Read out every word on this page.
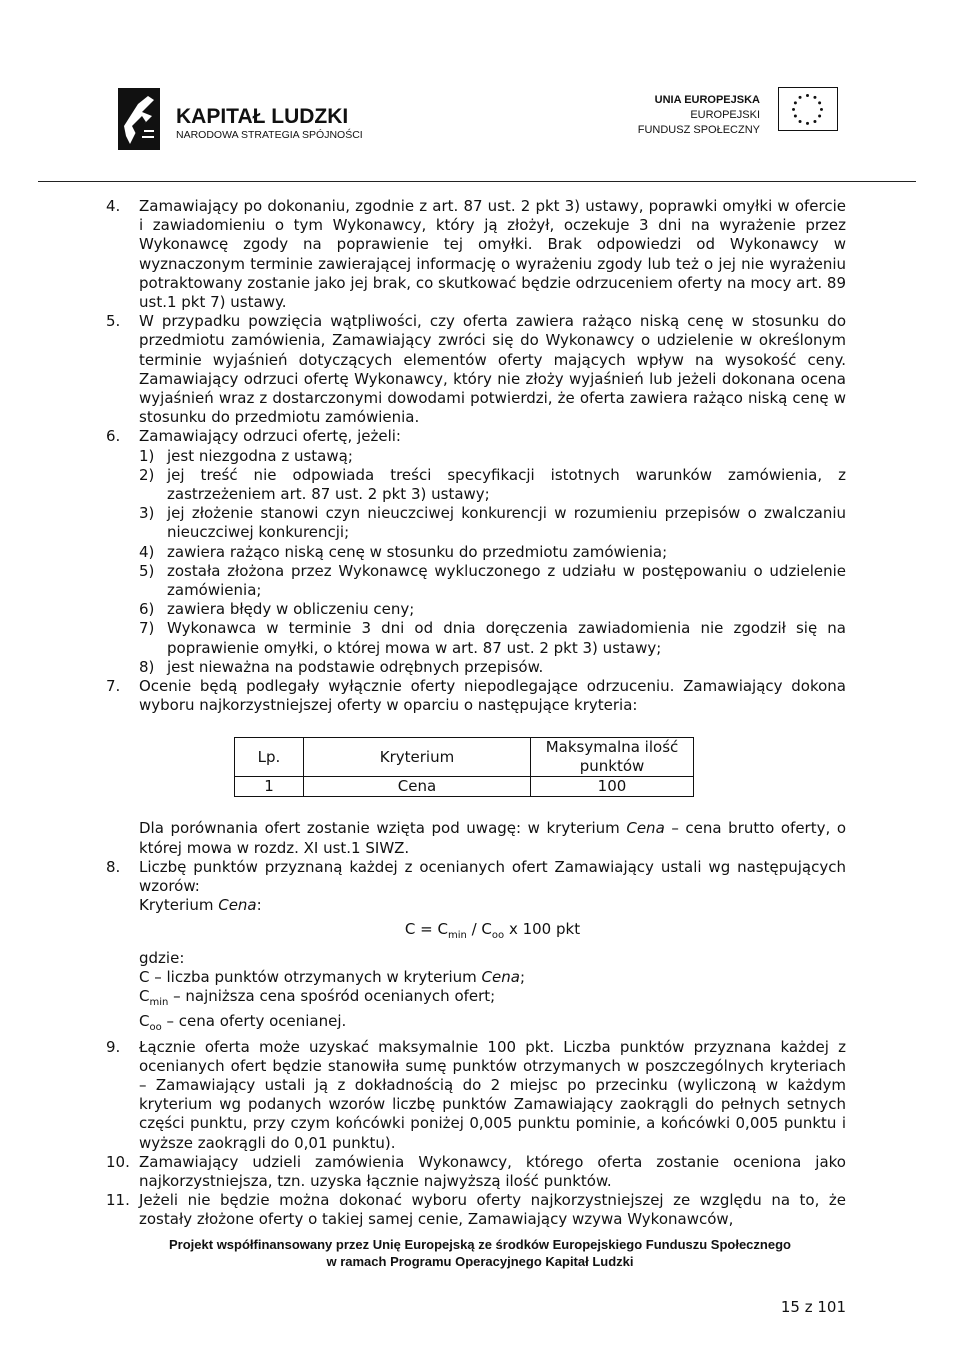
KAPITAŁ LUDZKI
NARODOWA STRATEGIA SPÓJNOŚCI
UNIA EUROPEJSKA
EUROPEJSKI
FUNDUSZ SPOŁECZNY
4. Zamawiający po dokonaniu, zgodnie z art. 87 ust. 2 pkt 3) ustawy, poprawki omyłki w ofercie i zawiadomieniu o tym Wykonawcy, który ją złożył, oczekuje 3 dni na wyrażenie przez Wykonawcę zgody na poprawienie tej omyłki. Brak odpowiedzi od Wykonawcy w wyznaczonym terminie zawierającej informację o wyrażeniu zgody lub też o jej nie wyrażeniu potraktowany zostanie jako jej brak, co skutkować będzie odrzuceniem oferty na mocy art. 89 ust.1 pkt 7) ustawy.
5. W przypadku powzięcia wątpliwości, czy oferta zawiera rażąco niską cenę w stosunku do przedmiotu zamówienia, Zamawiający zwróci się do Wykonawcy o udzielenie w określonym terminie wyjaśnień dotyczących elementów oferty mających wpływ na wysokość ceny. Zamawiający odrzuci ofertę Wykonawcy, który nie złoży wyjaśnień lub jeżeli dokonana ocena wyjaśnień wraz z dostarczonymi dowodami potwierdzi, że oferta zawiera rażąco niską cenę w stosunku do przedmiotu zamówienia.
6. Zamawiający odrzuci ofertę, jeżeli:
1) jest niezgodna z ustawą;
2) jej treść nie odpowiada treści specyfikacji istotnych warunków zamówienia, z zastrzeżeniem art. 87 ust. 2 pkt 3) ustawy;
3) jej złożenie stanowi czyn nieuczciwej konkurencji w rozumieniu przepisów o zwalczaniu nieuczciwej konkurencji;
4) zawiera rażąco niską cenę w stosunku do przedmiotu zamówienia;
5) została złożona przez Wykonawcę wykluczonego z udziału w postępowaniu o udzielenie zamówienia;
6) zawiera błędy w obliczeniu ceny;
7) Wykonawca w terminie 3 dni od dnia doręczenia zawiadomienia nie zgodził się na poprawienie omyłki, o której mowa w art. 87 ust. 2 pkt 3) ustawy;
8) jest nieważna na podstawie odrębnych przepisów.
7. Ocenie będą podlegały wyłącznie oferty niepodlegające odrzuceniu. Zamawiający dokona wyboru najkorzystniejszej oferty w oparciu o następujące kryteria:
Lp.	Kryterium	Maksymalna ilość punktów
1	Cena	100
Dla porównania ofert zostanie wzięta pod uwagę: w kryterium Cena – cena brutto oferty, o której mowa w rozdz. XI ust.1 SIWZ.
8. Liczbę punktów przyznaną każdej z ocenianych ofert Zamawiający ustali wg następujących wzorów:
Kryterium Cena:
$C = C_{min} / C_{oo}$ x 100 pkt
gdzie:
C – liczba punktów otrzymanych w kryterium Cena;
$C_{min}$ – najniższa cena spośród ocenianych ofert;
$C_{oo}$ – cena oferty ocenianej.
9. Łącznie oferta może uzyskać maksymalnie 100 pkt. Liczba punktów przyznana każdej z ocenianych ofert będzie stanowiła sumę punktów otrzymanych w poszczególnych kryteriach – Zamawiający ustali ją z dokładnością do 2 miejsc po przecinku (wyliczoną w każdym kryterium wg podanych wzorów liczbę punktów Zamawiający zaokrągli do pełnych setnych części punktu, przy czym końcówki poniżej 0,005 punktu pominie, a końcówki 0,005 punktu i wyższe zaokrągli do 0,01 punktu).
10. Zamawiający udzieli zamówienia Wykonawcy, którego oferta zostanie oceniona jako najkorzystniejsza, tzn. uzyska łącznie najwyższą ilość punktów.
11. Jeżeli nie będzie można dokonać wyboru oferty najkorzystniejszej ze względu na to, że zostały złożone oferty o takiej samej cenie, Zamawiający wzywa Wykonawców,
Projekt współfinansowany przez Unię Europejską ze środków Europejskiego Funduszu Społecznego
w ramach Programu Operacyjnego Kapitał Ludzki
15 z 101
